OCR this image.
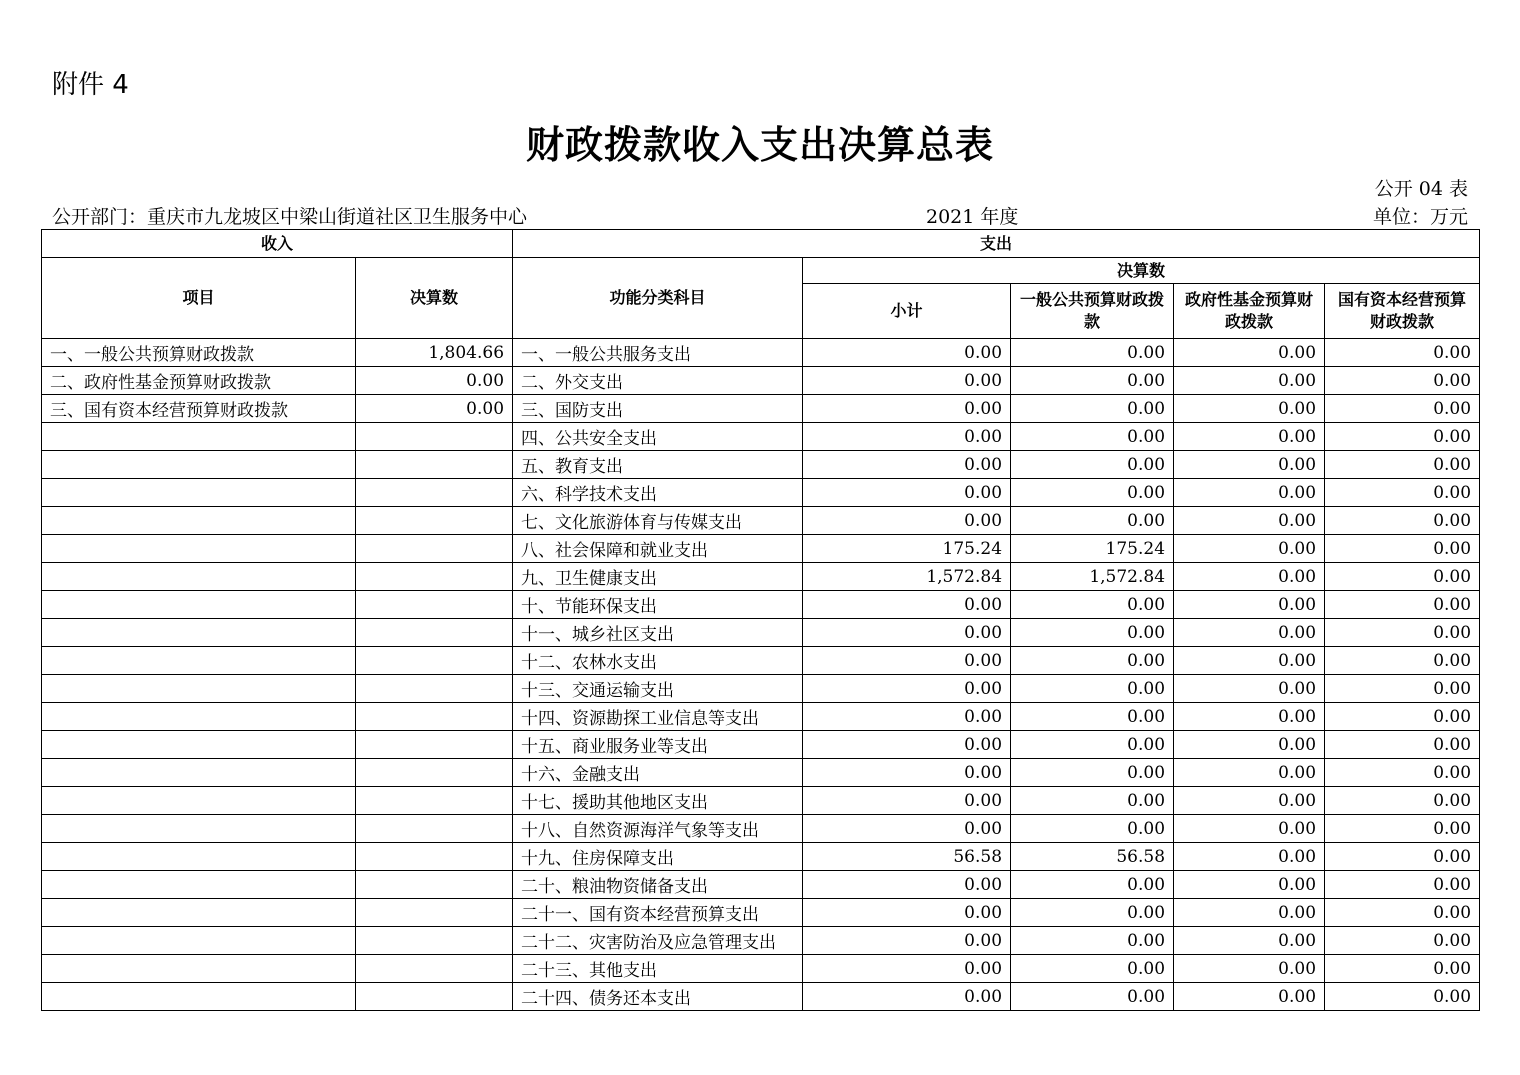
附件 4
财政拨款收入支出决算总表
公开 04 表
公开部门：重庆市九龙坡区中梁山街道社区卫生服务中心	2021 年度	单位：万元
收入		支出				
项目	决算数	功能分类科目	决算数			
			小计	一般公共预算财政拨款	政府性基金预算财政拨款	国有资本经营预算财政拨款
一、一般公共预算财政拨款	1,804.66	一、一般公共服务支出	0.00	0.00	0.00	0.00
二、政府性基金预算财政拨款	0.00	二、外交支出	0.00	0.00	0.00	0.00
三、国有资本经营预算财政拨款	0.00	三、国防支出	0.00	0.00	0.00	0.00
		四、公共安全支出	0.00	0.00	0.00	0.00
		五、教育支出	0.00	0.00	0.00	0.00
		六、科学技术支出	0.00	0.00	0.00	0.00
		七、文化旅游体育与传媒支出	0.00	0.00	0.00	0.00
		八、社会保障和就业支出	175.24	175.24	0.00	0.00
		九、卫生健康支出	1,572.84	1,572.84	0.00	0.00
		十、节能环保支出	0.00	0.00	0.00	0.00
		十一、城乡社区支出	0.00	0.00	0.00	0.00
		十二、农林水支出	0.00	0.00	0.00	0.00
		十三、交通运输支出	0.00	0.00	0.00	0.00
		十四、资源勘探工业信息等支出	0.00	0.00	0.00	0.00
		十五、商业服务业等支出	0.00	0.00	0.00	0.00
		十六、金融支出	0.00	0.00	0.00	0.00
		十七、援助其他地区支出	0.00	0.00	0.00	0.00
		十八、自然资源海洋气象等支出	0.00	0.00	0.00	0.00
		十九、住房保障支出	56.58	56.58	0.00	0.00
		二十、粮油物资储备支出	0.00	0.00	0.00	0.00
		二十一、国有资本经营预算支出	0.00	0.00	0.00	0.00
		二十二、灾害防治及应急管理支出	0.00	0.00	0.00	0.00
		二十三、其他支出	0.00	0.00	0.00	0.00
		二十四、债务还本支出	0.00	0.00	0.00	0.00
